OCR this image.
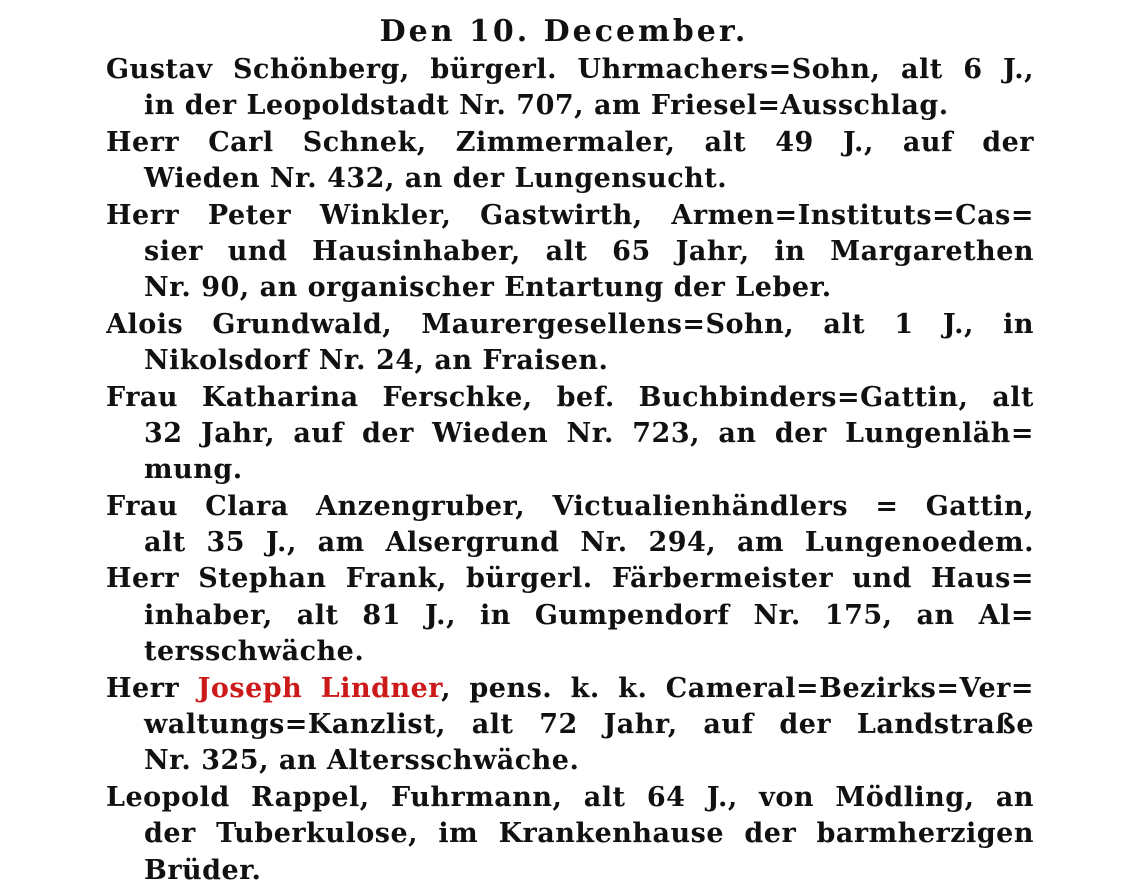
Den 10. December.
Gustav Schönberg, bürgerl. Uhrmachers=Sohn, alt 6 J.,
in der Leopoldstadt Nr. 707, am Friesel=Ausschlag.
Herr Carl Schnek, Zimmermaler, alt 49 J., auf der
Wieden Nr. 432, an der Lungensucht.
Herr Peter Winkler, Gastwirth, Armen=Instituts=Cas=
sier und Hausinhaber, alt 65 Jahr, in Margarethen
Nr. 90, an organischer Entartung der Leber.
Alois Grundwald, Maurergesellens=Sohn, alt 1 J., in
Nikolsdorf Nr. 24, an Fraisen.
Frau Katharina Ferschke, bef. Buchbinders=Gattin, alt
32 Jahr, auf der Wieden Nr. 723, an der Lungenläh=
mung.
Frau Clara Anzengruber, Victualienhändlers = Gattin,
alt 35 J., am Alsergrund Nr. 294, am Lungenoedem.
Herr Stephan Frank, bürgerl. Färbermeister und Haus=
inhaber, alt 81 J., in Gumpendorf Nr. 175, an Al=
tersschwäche.
Herr Joseph Lindner, pens. k. k. Cameral=Bezirks=Ver=
waltungs=Kanzlist, alt 72 Jahr, auf der Landstraße
Nr. 325, an Altersschwäche.
Leopold Rappel, Fuhrmann, alt 64 J., von Mödling, an
der Tuberkulose, im Krankenhause der barmherzigen
Brüder.
